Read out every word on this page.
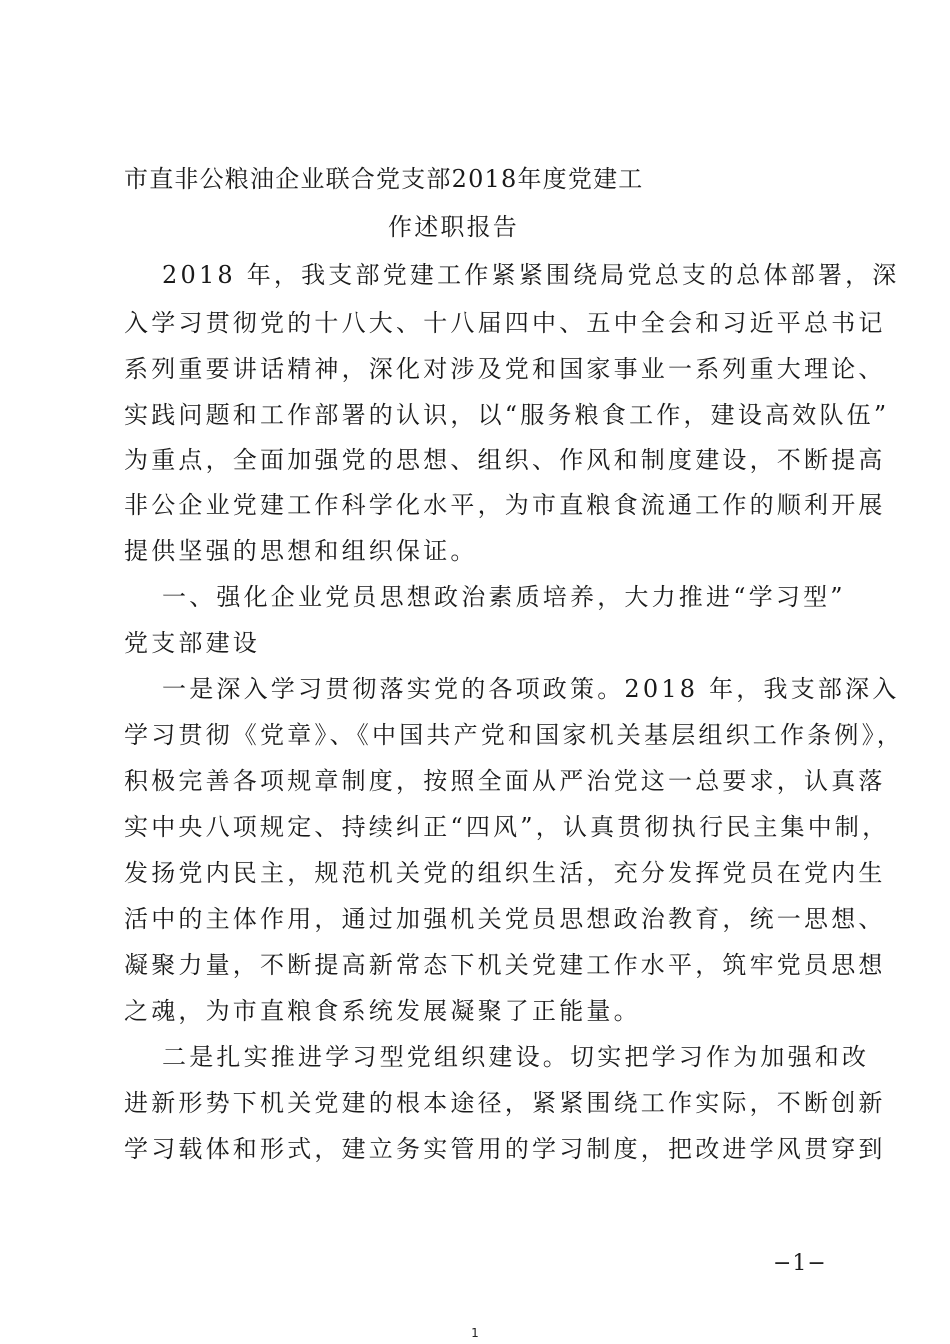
市直非公粮油企业联合党支部2018年度党建工
作述职报告
2018 年，我支部党建工作紧紧围绕局党总支的总体部署，深
入学习贯彻党的十八大、十八届四中、五中全会和习近平总书记
系列重要讲话精神，深化对涉及党和国家事业一系列重大理论、
实践问题和工作部署的认识，以“服务粮食工作，建设高效队伍”
为重点，全面加强党的思想、组织、作风和制度建设，不断提高
非公企业党建工作科学化水平，为市直粮食流通工作的顺利开展
提供坚强的思想和组织保证。
一、强化企业党员思想政治素质培养，大力推进“学习型”
党支部建设
一是深入学习贯彻落实党的各项政策。2018 年，我支部深入
学习贯彻《党章》、《中国共产党和国家机关基层组织工作条例》，
积极完善各项规章制度，按照全面从严治党这一总要求，认真落
实中央八项规定、持续纠正“四风”，认真贯彻执行民主集中制，
发扬党内民主，规范机关党的组织生活，充分发挥党员在党内生
活中的主体作用，通过加强机关党员思想政治教育，统一思想、
凝聚力量，不断提高新常态下机关党建工作水平，筑牢党员思想
之魂，为市直粮食系统发展凝聚了正能量。
二是扎实推进学习型党组织建设。切实把学习作为加强和改
进新形势下机关党建的根本途径，紧紧围绕工作实际，不断创新
学习载体和形式，建立务实管用的学习制度，把改进学风贯穿到
−1−
1
